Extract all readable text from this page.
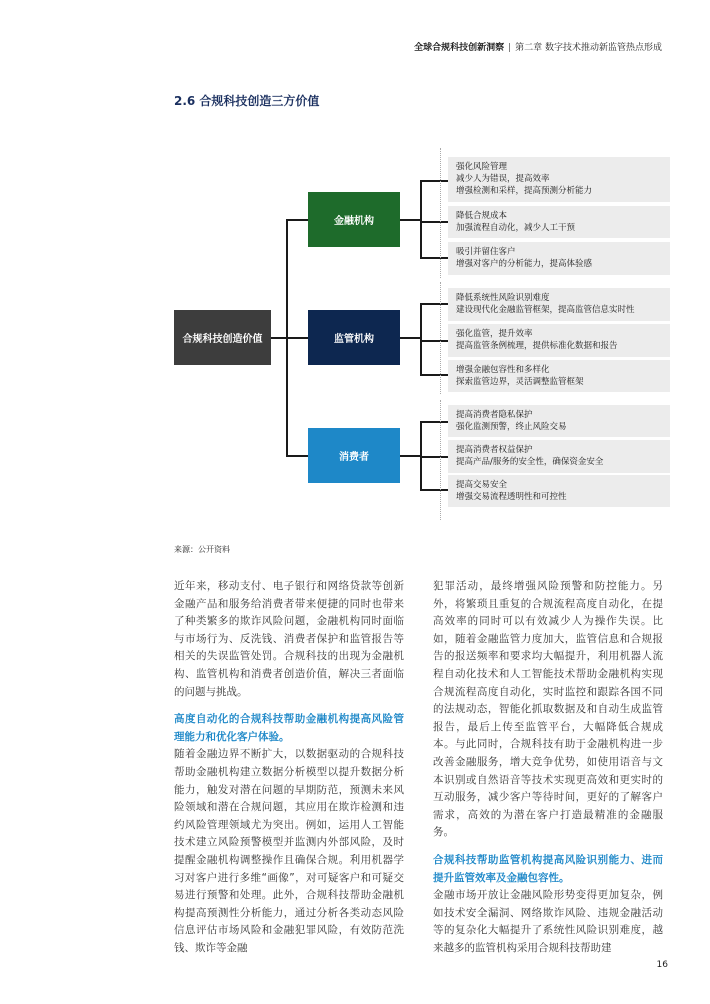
全球合规科技创新洞察 | 第二章 数字技术推动新监管热点形成
2.6 合规科技创造三方价值
合规科技创造价值
金融机构
监管机构
消费者
强化风险管理
减少人为错误，提高效率
增强检测和采样，提高预测分析能力
降低合规成本
加强流程自动化，减少人工干预
吸引并留住客户
增强对客户的分析能力，提高体验感
降低系统性风险识别难度
建设现代化金融监管框架，提高监管信息实时性
强化监管，提升效率
提高监管条例梳理，提供标准化数据和报告
增强金融包容性和多样化
探索监管边界，灵活调整监管框架
提高消费者隐私保护
强化监测预警，终止风险交易
提高消费者权益保护
提高产品/服务的安全性，确保资金安全
提高交易安全
增强交易流程透明性和可控性
来源：公开资料

近年来，移动支付、电子银行和网络贷款等创新金融产品和服务给消费者带来便捷的同时也带来了种类繁多的欺诈风险问题，金融机构同时面临与市场行为、反洗钱、消费者保护和监管报告等相关的失误监管处罚。合规科技的出现为金融机构、监管机构和消费者创造价值，解决三者面临的问题与挑战。

高度自动化的合规科技帮助金融机构提高风险管理能力和优化客户体验。

随着金融边界不断扩大，以数据驱动的合规科技帮助金融机构建立数据分析模型以提升数据分析能力，触发对潜在问题的早期防范，预测未来风险领域和潜在合规问题，其应用在欺诈检测和违约风险管理领域尤为突出。例如，运用人工智能技术建立风险预警模型并监测内外部风险，及时提醒金融机构调整操作且确保合规。利用机器学习对客户进行多维“画像”，对可疑客户和可疑交易进行预警和处理。此外，合规科技帮助金融机构提高预测性分析能力，通过分析各类动态风险信息评估市场风险和金融犯罪风险，有效防范洗钱、欺诈等金融

犯罪活动，最终增强风险预警和防控能力。另外，将繁琐且重复的合规流程高度自动化，在提高效率的同时可以有效减少人为操作失误。比如，随着金融监管力度加大，监管信息和合规报告的报送频率和要求均大幅提升，利用机器人流程自动化技术和人工智能技术帮助金融机构实现合规流程高度自动化，实时监控和跟踪各国不同的法规动态，智能化抓取数据及和自动生成监管报告，最后上传至监管平台，大幅降低合规成本。与此同时，合规科技有助于金融机构进一步改善金融服务，增大竞争优势，如使用语音与文本识别或自然语音等技术实现更高效和更实时的互动服务，减少客户等待时间，更好的了解客户需求，高效的为潜在客户打造最精准的金融服务。

合规科技帮助监管机构提高风险识别能力、进而提升监管效率及金融包容性。

金融市场开放让金融风险形势变得更加复杂，例如技术安全漏洞、网络欺诈风险、违规金融活动等的复杂化大幅提升了系统性风险识别难度，越来越多的监管机构采用合规科技帮助建

16
